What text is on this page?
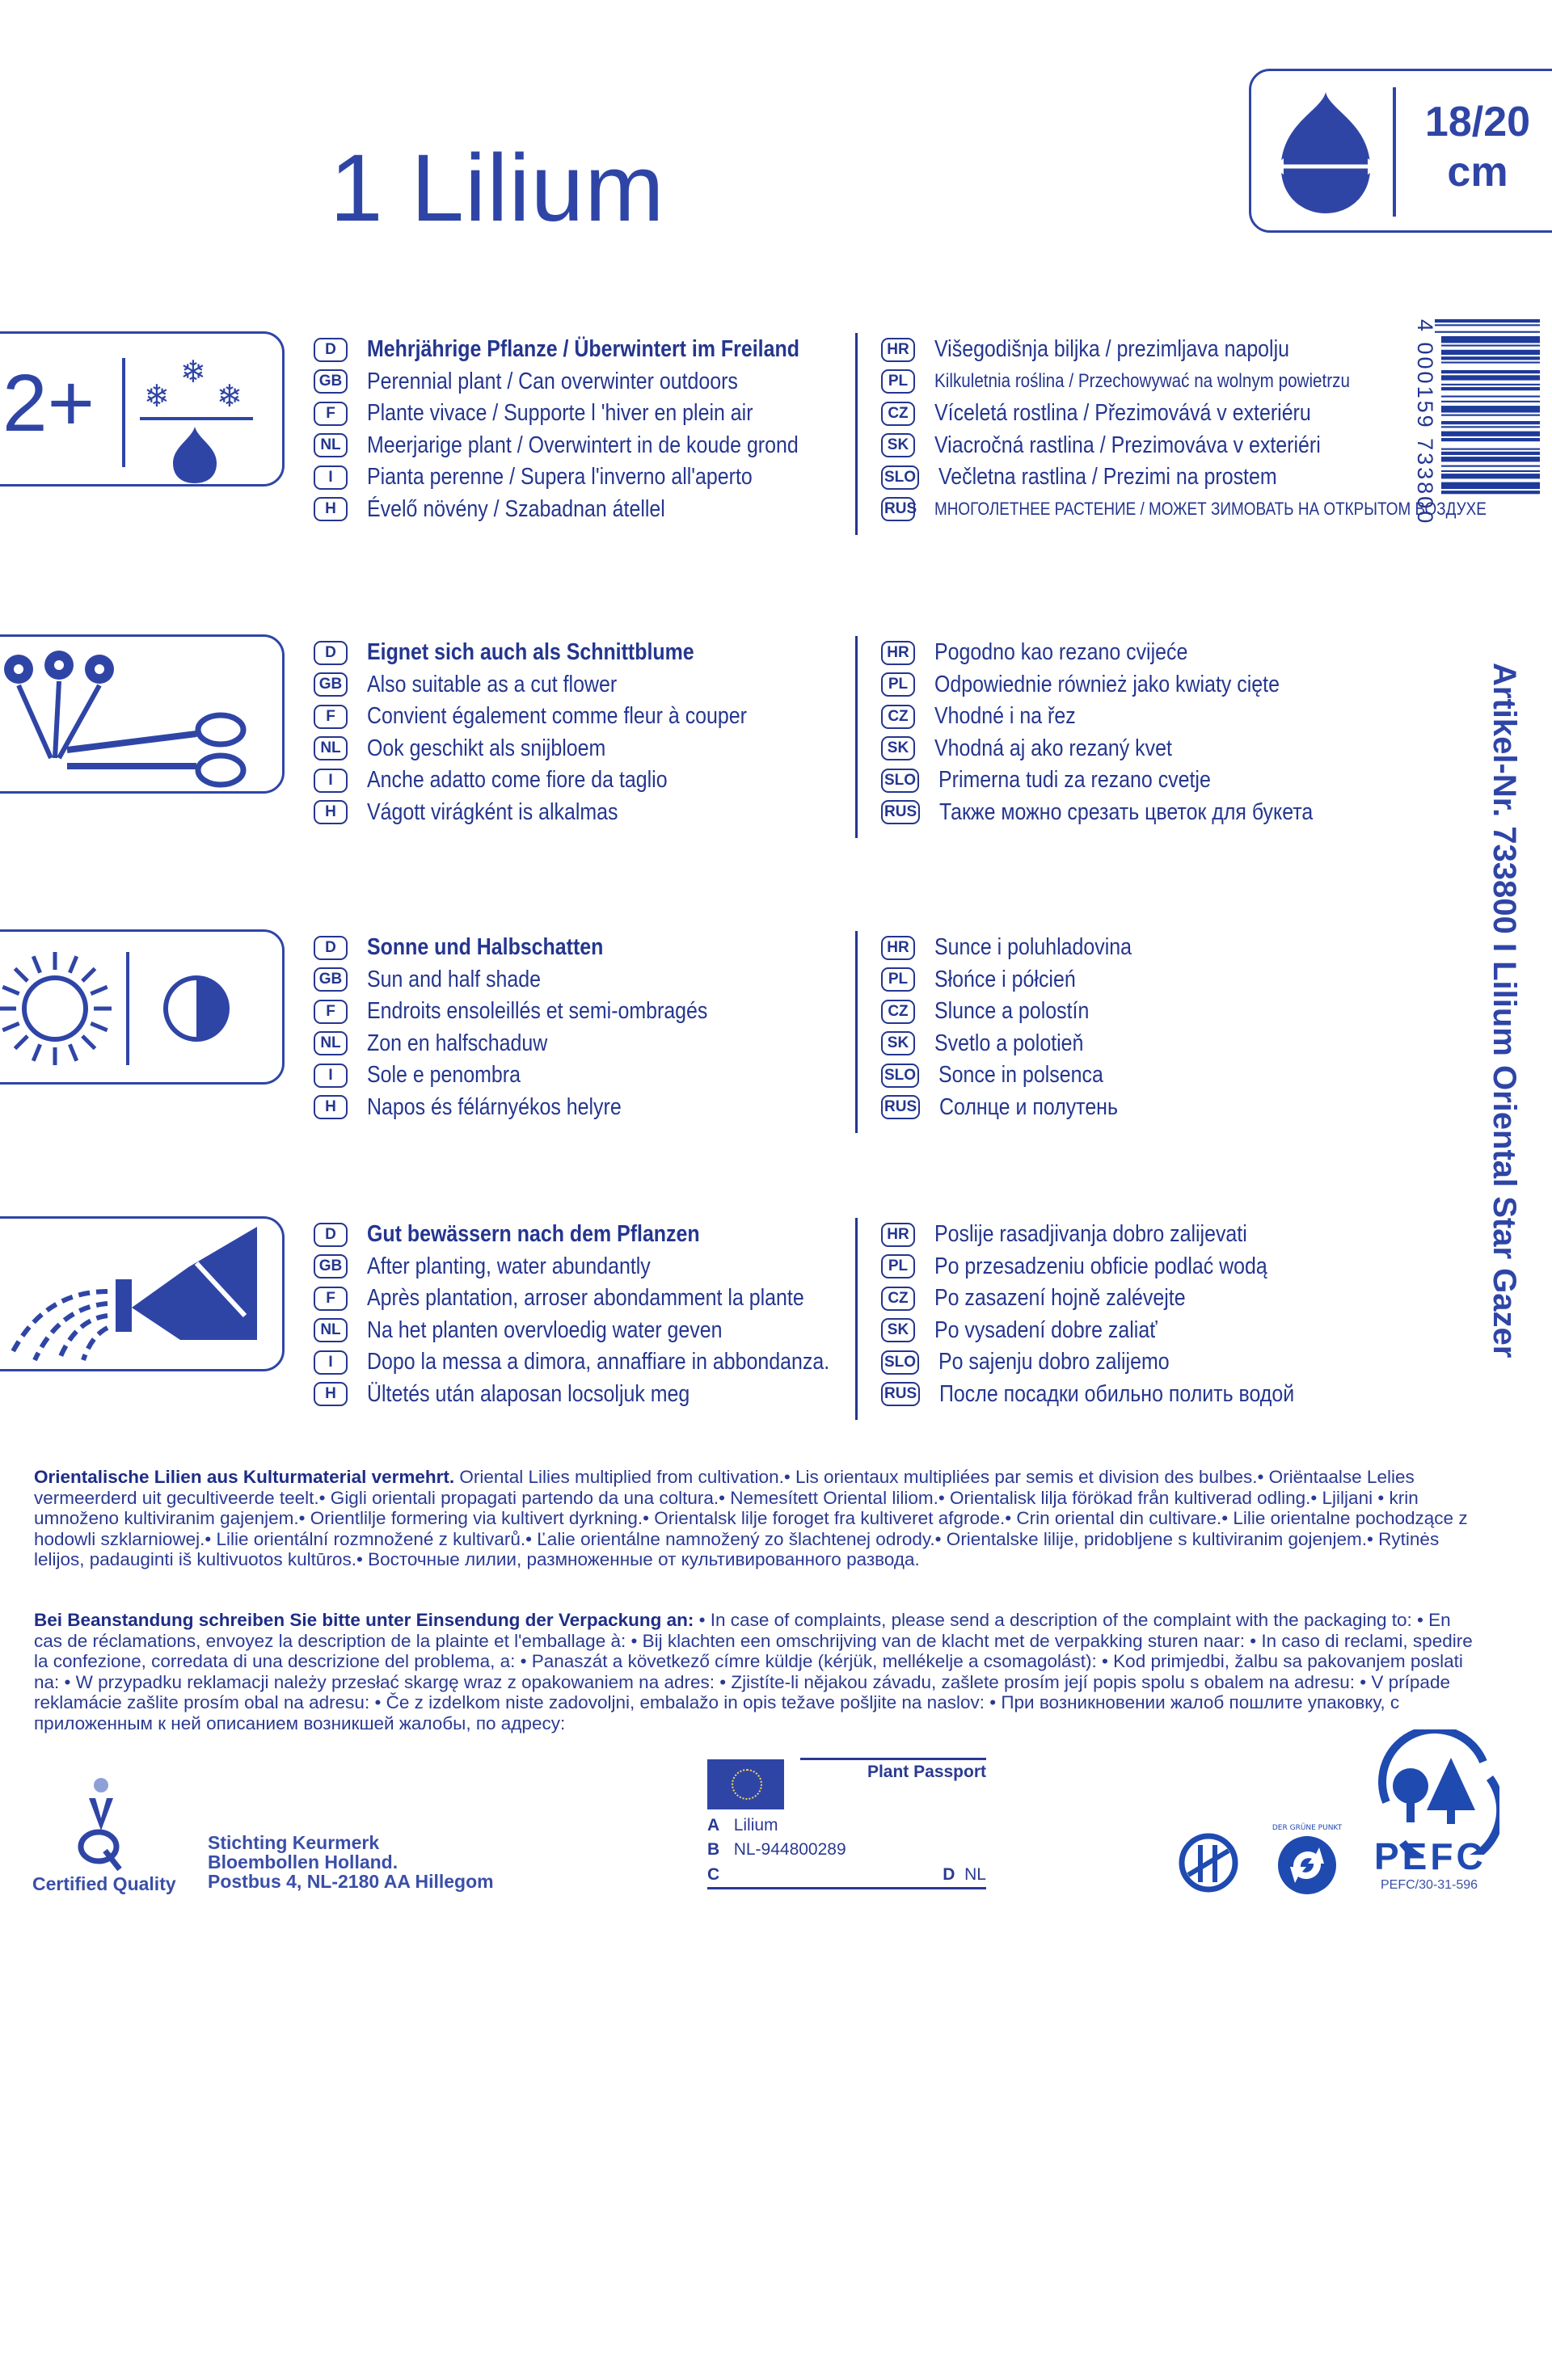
1 Lilium
18/20
cm
4 000159 733800
Artikel-Nr. 733800 I Lilium Oriental Star Gazer
2+ ❄
❄
❄
D	Mehrjährige Pflanze / Überwintert im Freiland
GB Perennial plant / Can overwinter outdoors
F	Plante vivace / Supporte l 'hiver en plein air
NL Meerjarige plant / Overwintert in de koude grond
I	Pianta perenne / Supera l'inverno all'aperto
H	Évelő növény / Szabadnan átellel
HR Višegodišnja biljka / prezimljava napolju
PL	Kilkuletnia roślina / Przechowywać na wolnym powietrzu
CZ Víceletá rostlina / Přezimovává v exteriéru
SK Viacročná rastlina / Prezimováva v exteriéri
SLO Večletna rastlina / Prezimi na prostem
RUS МНОГОЛЕТНЕЕ РАСТЕНИЕ / МОЖЕТ ЗИМОВАТЬ НА ОТКРЫТОМ ВОЗДУХЕ
D	Eignet sich auch als Schnittblume
GB Also suitable as a cut flower
F	Convient également comme fleur à couper
NL Ook geschikt als snijbloem
I	Anche adatto come fiore da taglio
H	Vágott virágként is alkalmas
HR Pogodno kao rezano cvijeće
PL	Odpowiednie również jako kwiaty cięte
CZ Vhodné i na řez
SK Vhodná aj ako rezaný kvet
SLO Primerna tudi za rezano cvetje
RUS Также можно срезать цветок для букета
D	Sonne und Halbschatten
GB Sun and half shade
F	Endroits ensoleillés et semi-ombragés
NL Zon en halfschaduw
I	Sole e penombra
H	Napos és félárnyékos helyre
HR Sunce i poluhladovina
PL	Słońce i półcień
CZ Slunce a polostín
SK Svetlo a polotieň
SLO Sonce in polsenca
RUS Солнце и полутень
D	Gut bewässern nach dem Pflanzen
GB After planting, water abundantly
F	Après plantation, arroser abondamment la plante
NL Na het planten overvloedig water geven
I	Dopo la messa a dimora, annaffiare in abbondanza.
H	Ültetés után alaposan locsoljuk meg
HR Poslije rasadjivanja dobro zalijevati
PL	Po przesadzeniu obficie podlać wodą
CZ Po zasazení hojně zalévejte
SK Po vysadení dobre zaliať
SLO Po sajenju dobro zalijemo
RUS После посадки обильно полить водой
Orientalische Lilien aus Kulturmaterial vermehrt. Oriental Lilies multiplied from cultivation.• Lis orientaux multipliées par semis et division des bulbes.• Oriëntaalse Lelies vermeerderd uit gecultiveerde teelt.• Gigli orientali propagati partendo da una coltura.• Nemesített Oriental liliom.• Orientalisk lilja förökad från kultiverad odling.• Ljiljani • krin umnoženo kultiviranim gajenjem.• Orientlilje formering via kultivert dyrkning.• Orientalsk lilje foroget fra kultiveret afgrode.• Crin oriental din cultivare.• Lilie orientalne pochodzące z hodowli szklarniowej.• Lilie orientální rozmnožené z kultivarů.• Ľalie orientálne namnožený zo šlachtenej odrody.• Orientalske lilije, pridobljene s kultiviranim gojenjem.• Rytinės lelijos, padauginti iš kultivuotos kultūros.• Восточные лилии, размноженные от культивированного развода.
Bei Beanstandung schreiben Sie bitte unter Einsendung der Verpackung an: • In case of complaints, please send a description of the complaint with the packaging to: • En cas de réclamations, envoyez la description de la plainte et l'emballage à: • Bij klachten een omschrijving van de klacht met de verpakking sturen naar: • In caso di reclami, spedire la confezione, corredata di una descrizione del problema, a: • Panaszát a következő címre küldje (kérjük, mellékelje a csomagolást): • Kod primjedbi, žalbu sa pakovanjem poslati na: • W przypadku reklamacji należy przesłać skargę wraz z opakowaniem na adres: • Zjistíte-li nějakou závadu, zašlete prosím její popis spolu s obalem na adresu: • V prípade reklamácie zašlite prosím obal na adresu: • Če z izdelkom niste zadovoljni, embalažo in opis težave pošljite na naslov: • При возникновении жалоб пошлите упаковку, с приложенным к ней описанием возникшей жалобы, по адресу:
Certified Quality
Stichting Keurmerk
Bloembollen Holland.
Postbus 4, NL-2180 AA Hillegom
Plant Passport
A Lilium
B NL-944800289
C	D NL
DER GRÜNE PUNKT
PEFC
PEFC/30-31-596
